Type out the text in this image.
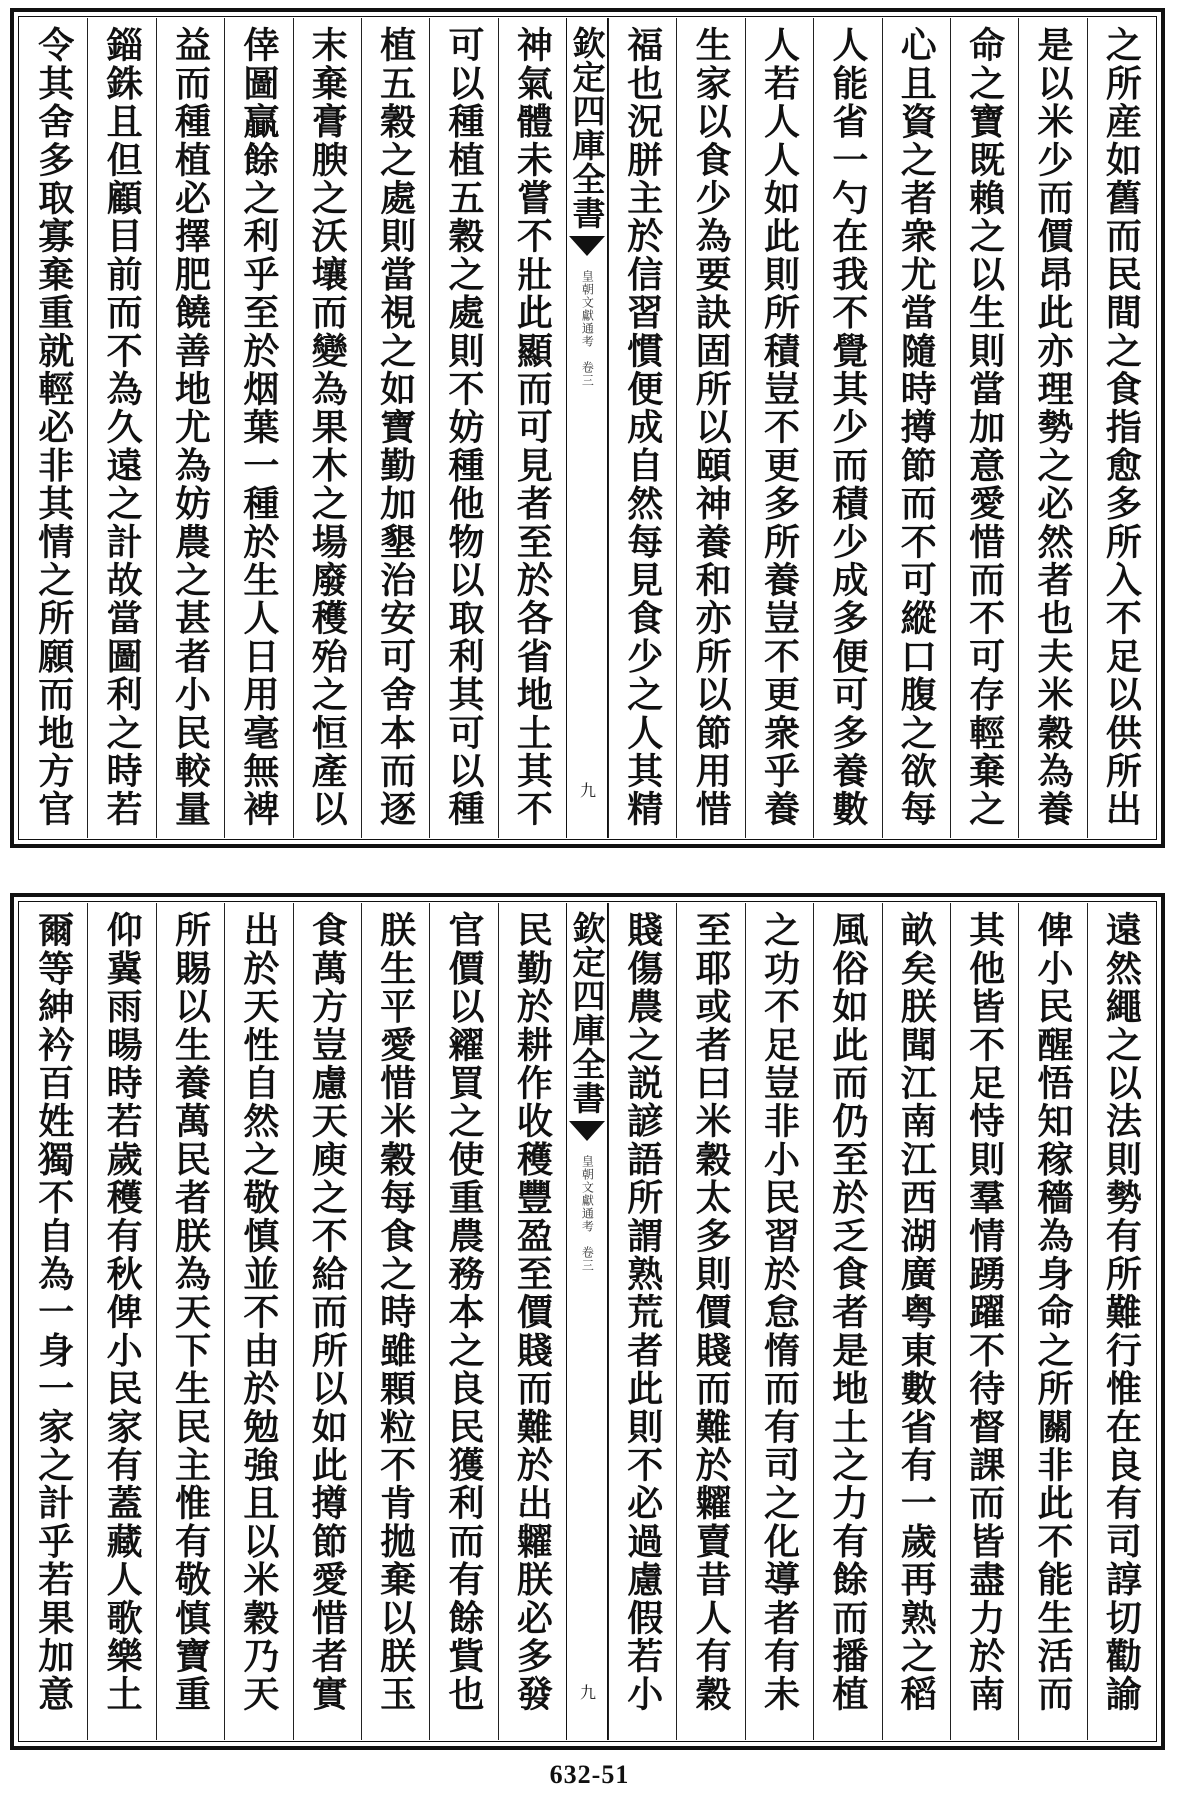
之所産如舊而民間之食指愈多所入不足以供所出
是以米少而價昂此亦理勢之必然者也夫米穀為養
命之寶既賴之以生則當加意愛惜而不可存輕棄之
心且資之者衆尤當隨時撙節而不可縱口腹之欲每
人能省一勺在我不覺其少而積少成多便可多養數
人若人人如此則所積豈不更多所養豈不更衆乎養
生家以食少為要訣固所以頤神養和亦所以節用惜
福也況胼主於信習慣便成自然每見食少之人其精
欽定四庫全書
皇朝文獻通考　卷三
九
神氣體未嘗不壯此顯而可見者至於各省地土其不
可以種植五穀之處則不妨種他物以取利其可以種
植五穀之處則當視之如寶勤加墾治安可舍本而逐
末棄膏腴之沃壤而變為果木之場廢穫殆之恒產以
倖圖贏餘之利乎至於烟葉一種於生人日用毫無裨
益而種植必擇肥饒善地尤為妨農之甚者小民較量
錙銖且但顧目前而不為久遠之計故當圖利之時若
令其舍多取寡棄重就輕必非其情之所願而地方官
遠然繩之以法則勢有所難行惟在良有司諄切勸諭
俾小民醒悟知稼穡為身命之所關非此不能生活而
其他皆不足恃則羣情踴躍不待督課而皆盡力於南
畝矣朕聞江南江西湖廣粤東數省有一歲再熟之稻
風俗如此而仍至於乏食者是地土之力有餘而播植
之功不足豈非小民習於怠惰而有司之化導者有未
至耶或者曰米穀太多則價賤而難於糶賣昔人有穀
賤傷農之説諺語所謂熟荒者此則不必過慮假若小
欽定四庫全書
皇朝文獻通考　卷三
九
民勤於耕作收穫豐盈至價賤而難於出糶朕必多發
官價以糴買之使重農務本之良民獲利而有餘貲也
朕生平愛惜米穀每食之時雖顆粒不肯拋棄以朕玉
食萬方豈慮天庾之不給而所以如此撙節愛惜者實
出於天性自然之敬慎並不由於勉強且以米穀乃天
所賜以生養萬民者朕為天下生民主惟有敬慎寶重
仰冀雨暘時若歲穫有秋俾小民家有蓋藏人歌樂土
爾等紳衿百姓獨不自為一身一家之計乎若果加意
632-51
